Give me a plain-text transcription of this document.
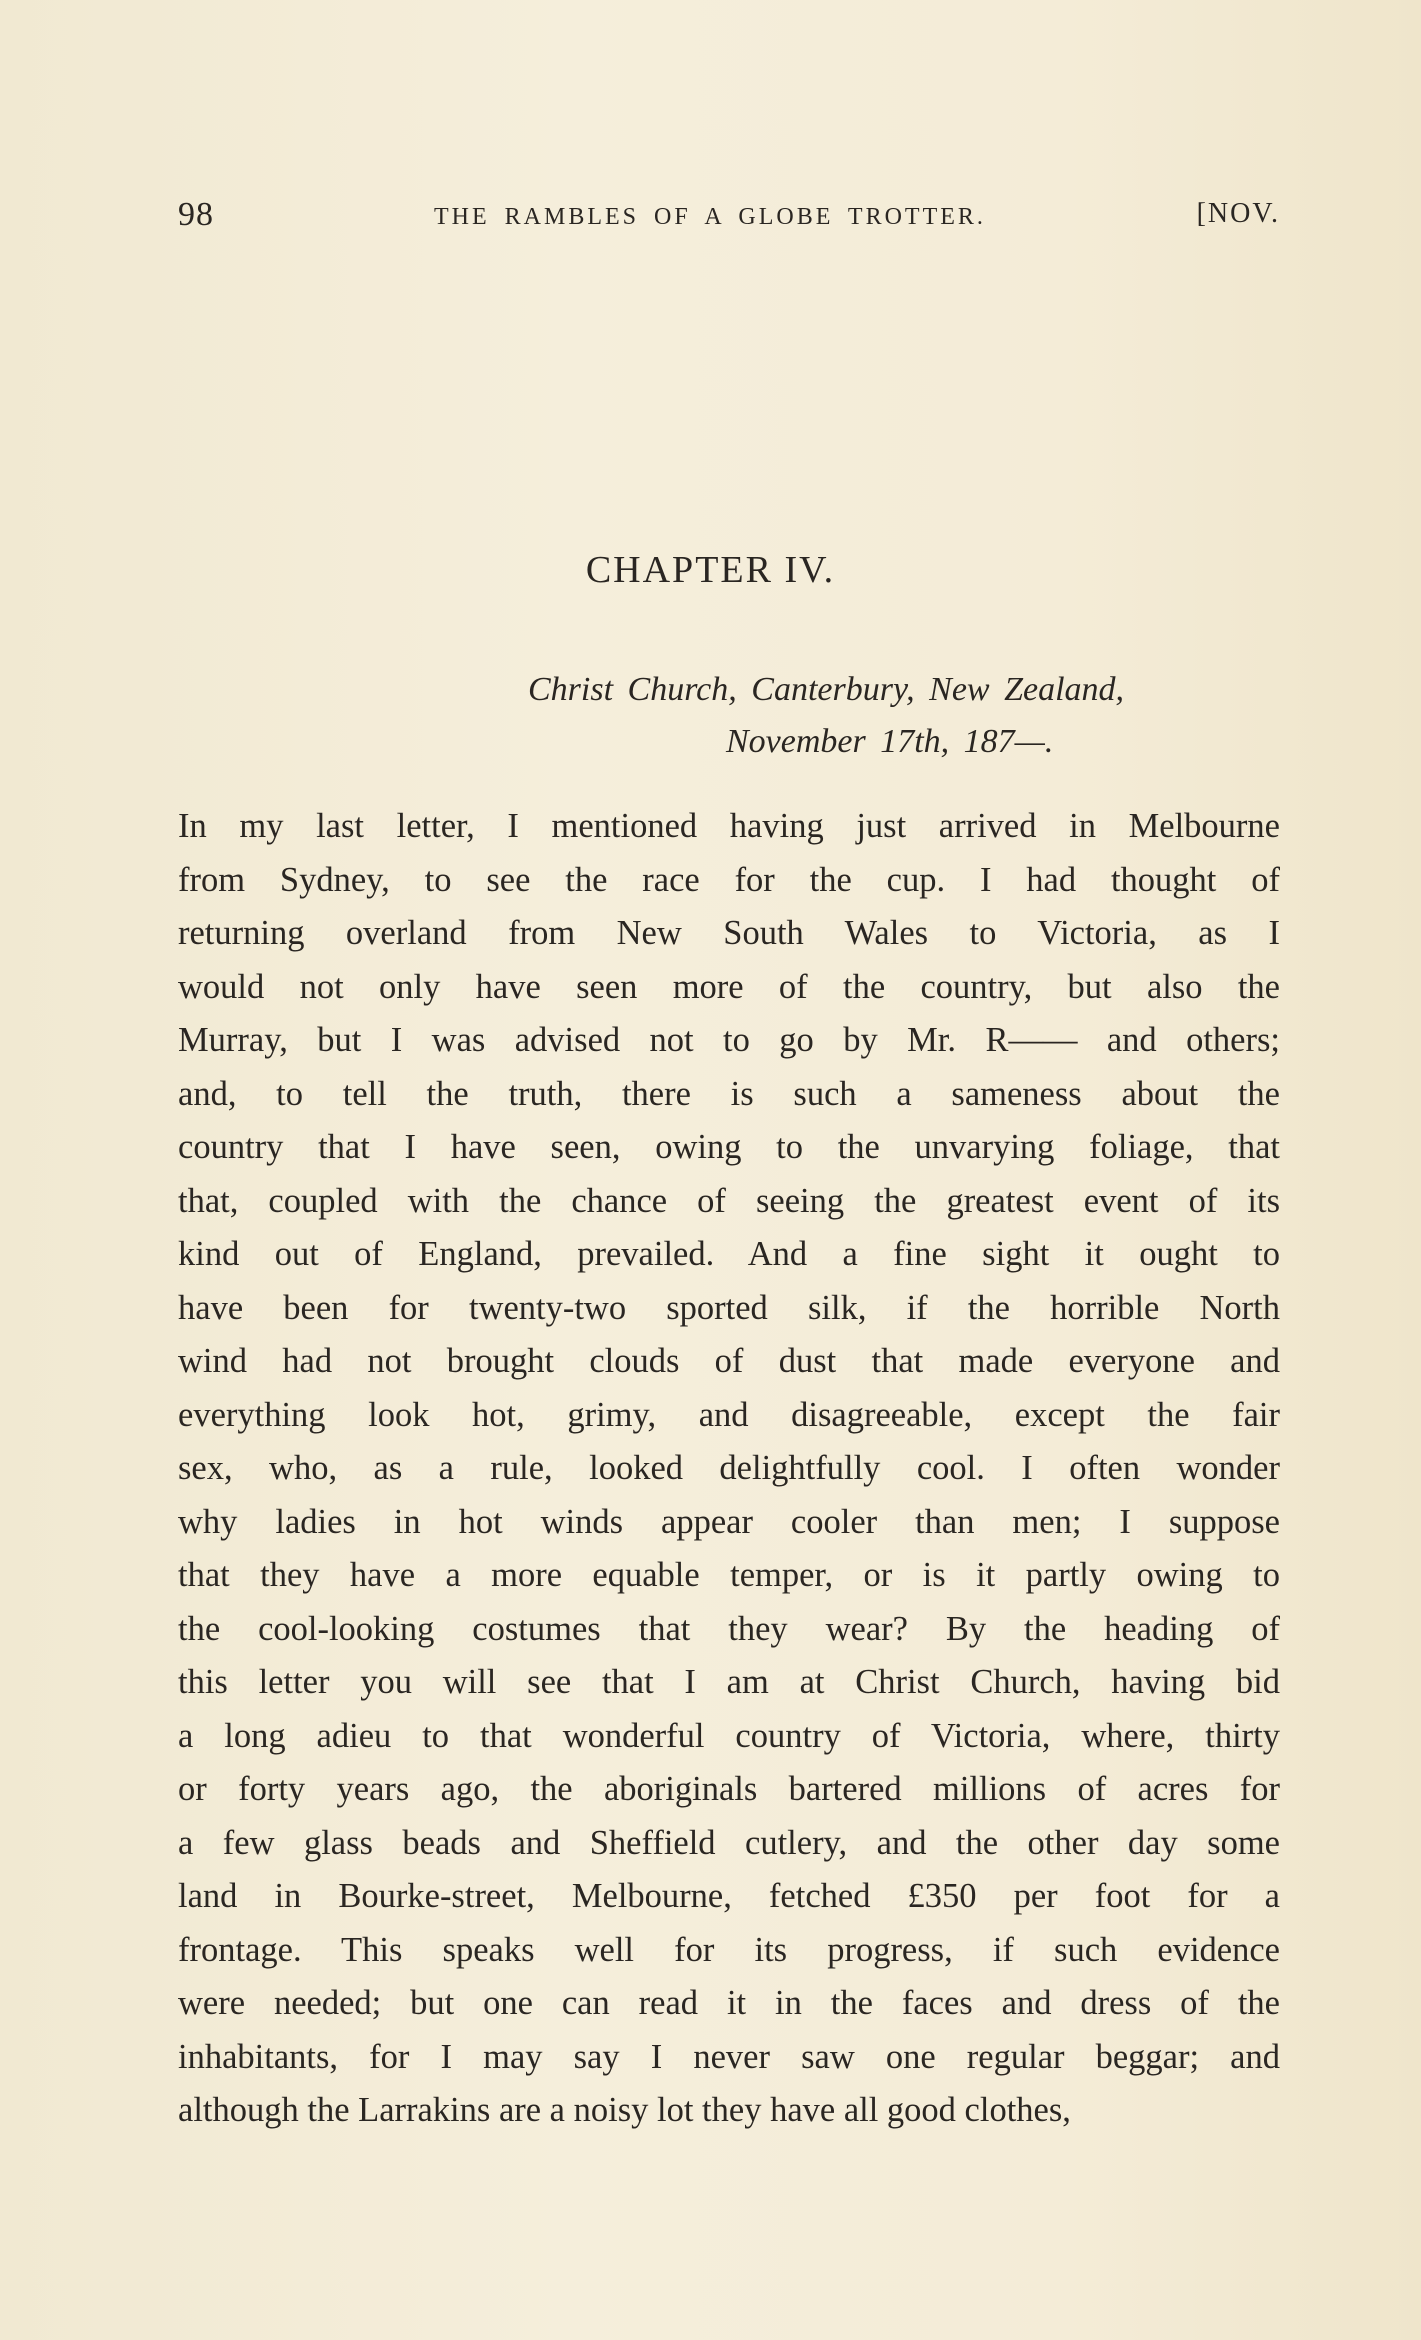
98	THE RAMBLES OF A GLOBE TROTTER.	[NOV.
CHAPTER IV.
Christ Church, Canterbury, New Zealand,
November 17th, 187—.
In my last letter, I mentioned having just arrived in Melbourne
from Sydney, to see the race for the cup. I had thought of
returning overland from New South Wales to Victoria, as I
would not only have seen more of the country, but also the
Murray, but I was advised not to go by Mr. R—— and others;
and, to tell the truth, there is such a sameness about the
country that I have seen, owing to the unvarying foliage, that
that, coupled with the chance of seeing the greatest event of its
kind out of England, prevailed. And a fine sight it ought to
have been for twenty-two sported silk, if the horrible North
wind had not brought clouds of dust that made everyone and
everything look hot, grimy, and disagreeable, except the fair
sex, who, as a rule, looked delightfully cool. I often wonder
why ladies in hot winds appear cooler than men; I suppose
that they have a more equable temper, or is it partly owing to
the cool-looking costumes that they wear? By the heading of
this letter you will see that I am at Christ Church, having bid
a long adieu to that wonderful country of Victoria, where, thirty
or forty years ago, the aboriginals bartered millions of acres for
a few glass beads and Sheffield cutlery, and the other day some
land in Bourke-street, Melbourne, fetched £350 per foot for a
frontage. This speaks well for its progress, if such evidence
were needed; but one can read it in the faces and dress of the
inhabitants, for I may say I never saw one regular beggar; and
although the Larrakins are a noisy lot they have all good clothes,
